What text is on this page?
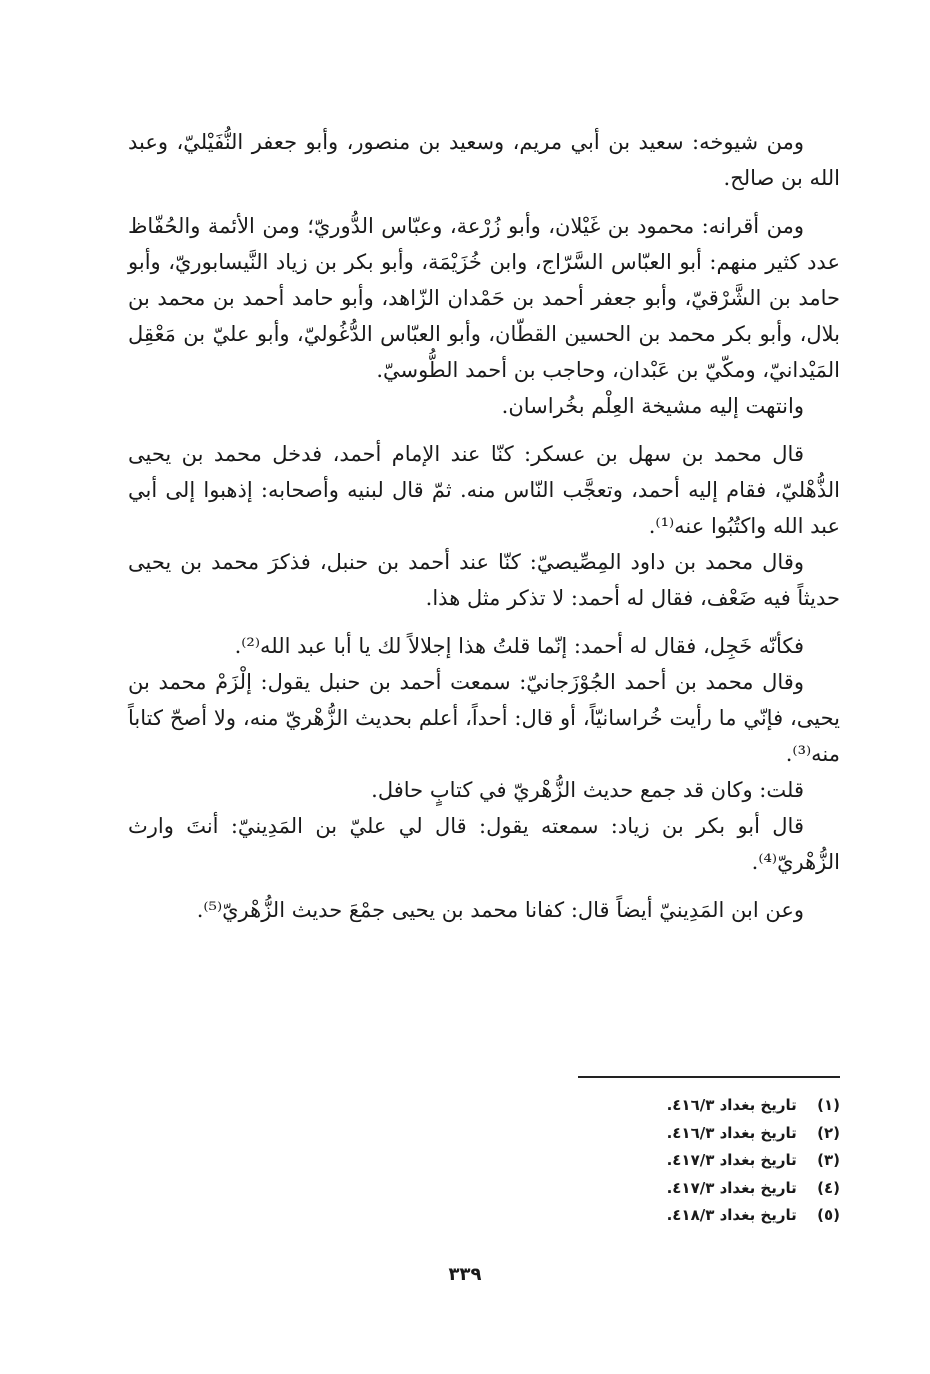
ومن شيوخه: سعيد بن أبي مريم، وسعيد بن منصور، وأبو جعفر النُّفَيْليّ، وعبد الله بن صالح.

ومن أقرانه: محمود بن غَيْلان، وأبو زُرْعة، وعبّاس الدُّوريّ؛ ومن الأئمة والحُفّاظ عدد كثير منهم: أبو العبّاس السَّرّاج، وابن خُزَيْمَة، وأبو بكر بن زياد النَّيسابوريّ، وأبو حامد بن الشَّرْقيّ، وأبو جعفر أحمد بن حَمْدان الزّاهد، وأبو حامد أحمد بن محمد بن بلال، وأبو بكر محمد بن الحسين القطّان، وأبو العبّاس الدُّغُوليّ، وأبو عليّ بن مَعْقِل المَيْدانيّ، ومكّيّ بن عَبْدان، وحاجب بن أحمد الطُّوسيّ.

وانتهت إليه مشيخة العِلْم بخُراسان.

قال محمد بن سهل بن عسكر: كنّا عند الإمام أحمد، فدخل محمد بن يحيى الذُّهْليّ، فقام إليه أحمد، وتعجَّب النّاس منه. ثمّ قال لبنيه وأصحابه: إذهبوا إلى أبي عبد الله واكتُبُوا عنه⁽¹⁾.

وقال محمد بن داود المِصِّيصيّ: كنّا عند أحمد بن حنبل، فذكرَ محمد بن يحيى حديثاً فيه ضَعْف، فقال له أحمد: لا تذكر مثل هذا.

فكأنّه خَجِل، فقال له أحمد: إنّما قلتُ هذا إجلالاً لك يا أبا عبد الله⁽²⁾.

وقال محمد بن أحمد الجُوْزَجانيّ: سمعت أحمد بن حنبل يقول: إلْزَمْ محمد بن يحيى، فإنّي ما رأيت خُراسانيّاً، أو قال: أحداً، أعلم بحديث الزُّهْريّ منه، ولا أصحّ كتاباً منه⁽³⁾.

قلت: وكان قد جمع حديث الزُّهْريّ في كتابٍ حافل.

قال أبو بكر بن زياد: سمعته يقول: قال لي عليّ بن المَدِينيّ: أنتَ وارث الزُّهْريّ⁽⁴⁾.

وعن ابن المَدِينيّ أيضاً قال: كفانا محمد بن يحيى جمْعَ حديث الزُّهْريّ⁽⁵⁾.

(١) تاريخ بغداد ٤١٦/٣.
(٢) تاريخ بغداد ٤١٦/٣.
(٣) تاريخ بغداد ٤١٧/٣.
(٤) تاريخ بغداد ٤١٧/٣.
(٥) تاريخ بغداد ٤١٨/٣.
٣٣٩
